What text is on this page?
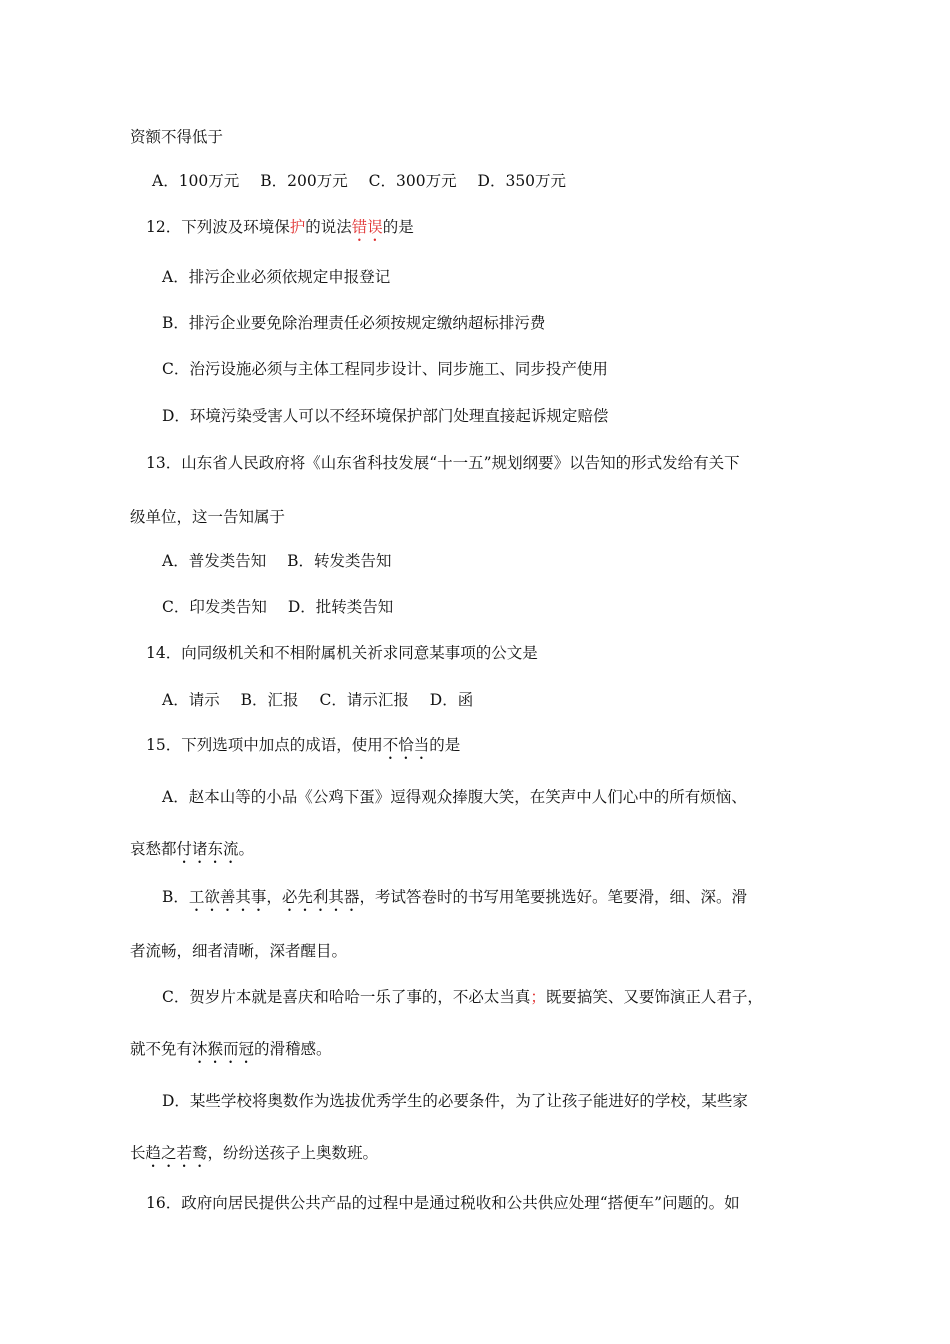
资额不得低于
A．100万元 B．200万元 C．300万元 D．350万元
12．下列波及环境保护的说法错误的是
A．排污企业必须依规定申报登记
B．排污企业要免除治理责任必须按规定缴纳超标排污费
C．治污设施必须与主体工程同步设计、同步施工、同步投产使用
D．环境污染受害人可以不经环境保护部门处理直接起诉规定赔偿
13．山东省人民政府将《山东省科技发展“十一五”规划纲要》以告知的形式发给有关下
级单位，这一告知属于
A．普发类告知 B．转发类告知
C．印发类告知 D．批转类告知
14．向同级机关和不相附属机关祈求同意某事项的公文是
A．请示 B．汇报 C．请示汇报 D．函
15．下列选项中加点的成语，使用不恰当的是
A．赵本山等的小品《公鸡下蛋》逗得观众捧腹大笑，在笑声中人们心中的所有烦恼、
哀愁都付诸东流。
B．工欲善其事，必先利其器，考试答卷时的书写用笔要挑选好。笔要滑，细、深。滑
者流畅，细者清晰，深者醒目。
C．贺岁片本就是喜庆和哈哈一乐了事的，不必太当真；既要搞笑、又要饰演正人君子，
就不免有沐猴而冠的滑稽感。
D．某些学校将奥数作为选拔优秀学生的必要条件，为了让孩子能进好的学校，某些家
长趋之若鹜，纷纷送孩子上奥数班。
16．政府向居民提供公共产品的过程中是通过税收和公共供应处理“搭便车”问题的。如
